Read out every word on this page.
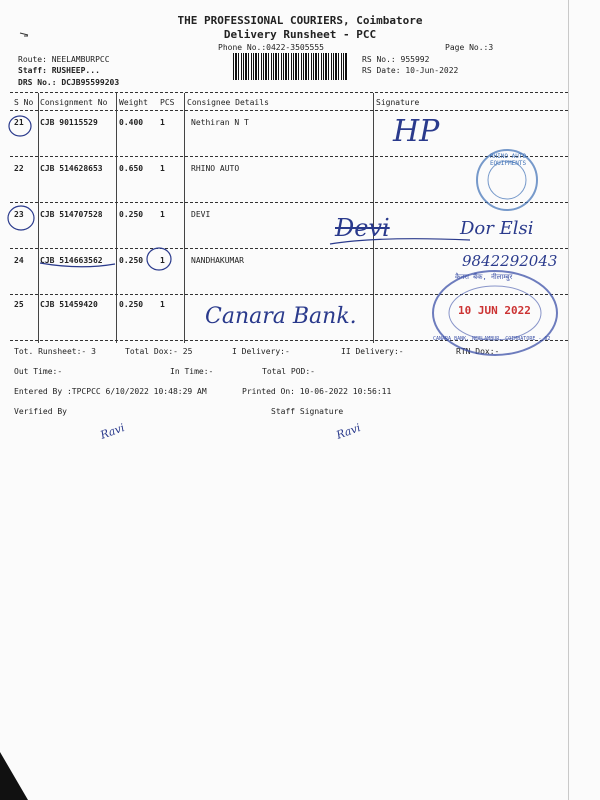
THE PROFESSIONAL COURIERS, Coimbatore
Delivery Runsheet - PCC
Phone No.:0422-3505555	Page No.:3
Route: NEELAMBURPCC
Staff: RUSHEEP...
DRS No.: DCJB95599203
RS No.: 955992
RS Date: 10-Jun-2022
S No Consignment No Weight PCS Consignee Details	Signature
21 CJB 90115529	0.400 1	Nethiran N T
22 CJB 514628653 0.650 1	RHINO AUTO
23 CJB 514707528 0.250 1	DEVI
24 CJB 514663562 0.250 1	NANDHAKUMAR
25 CJB 51459420	0.250 1
Tot. Runsheet:- 3	Total Dox:- 25	I Delivery:-	II Delivery:-	RTN Dox:-
Out Time:-	In Time:-	Total POD:-
Entered By :TPCPCC 6/10/2022 10:48:29 AM	Printed On: 10-06-2022 10:56:11
Verified By	Staff Signature
HP
Devi	Dor Elsi
9842292043
Canara Bank.
Ravi	Ravi
RHINO AUTO EQUIPMENTS
कैनरा बैंक, नीलाम्बुर
10 JUN 2022
CANARA BANK, NEELAMBUR, COIMBATORE - 62
